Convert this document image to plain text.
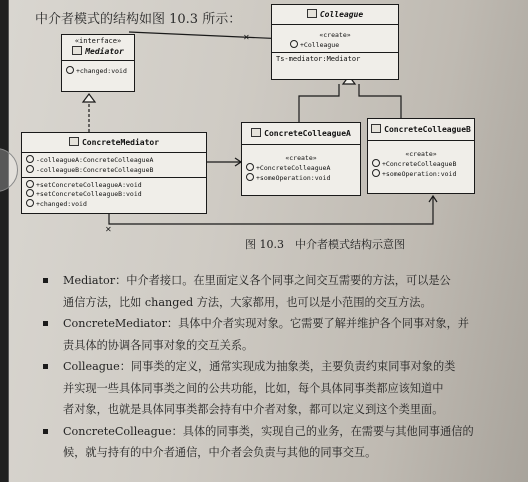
中介者模式的结构如图 10.3 所示：
✕
✕
«interface»
Mediator
+changed:void
Colleague
«create»
+Colleague
Ts-mediator:Mediator
ConcreteMediator
-colleagueA:ConcreteColleagueA
-colleagueB:ConcreteColleagueB
+setConcreteColleagueA:void
+setConcreteColleagueB:void
+changed:void
ConcreteColleagueA
«create»
+ConcreteColleagueA
+someOperation:void
ConcreteColleagueB
«create»
+ConcreteColleagueB
+someOperation:void
图 10.3　中介者模式结构示意图
Mediator：中介者接口。在里面定义各个同事之间交互需要的方法，可以是公
通信方法，比如 changed 方法，大家都用，也可以是小范围的交互方法。
ConcreteMediator：具体中介者实现对象。它需要了解并维护各个同事对象，并
责具体的协调各同事对象的交互关系。
Colleague：同事类的定义，通常实现成为抽象类，主要负责约束同事对象的类
并实现一些具体同事类之间的公共功能，比如，每个具体同事类都应该知道中
者对象，也就是具体同事类都会持有中介者对象，都可以定义到这个类里面。
ConcreteColleague：具体的同事类，实现自己的业务，在需要与其他同事通信的
候，就与持有的中介者通信，中介者会负责与其他的同事交互。
